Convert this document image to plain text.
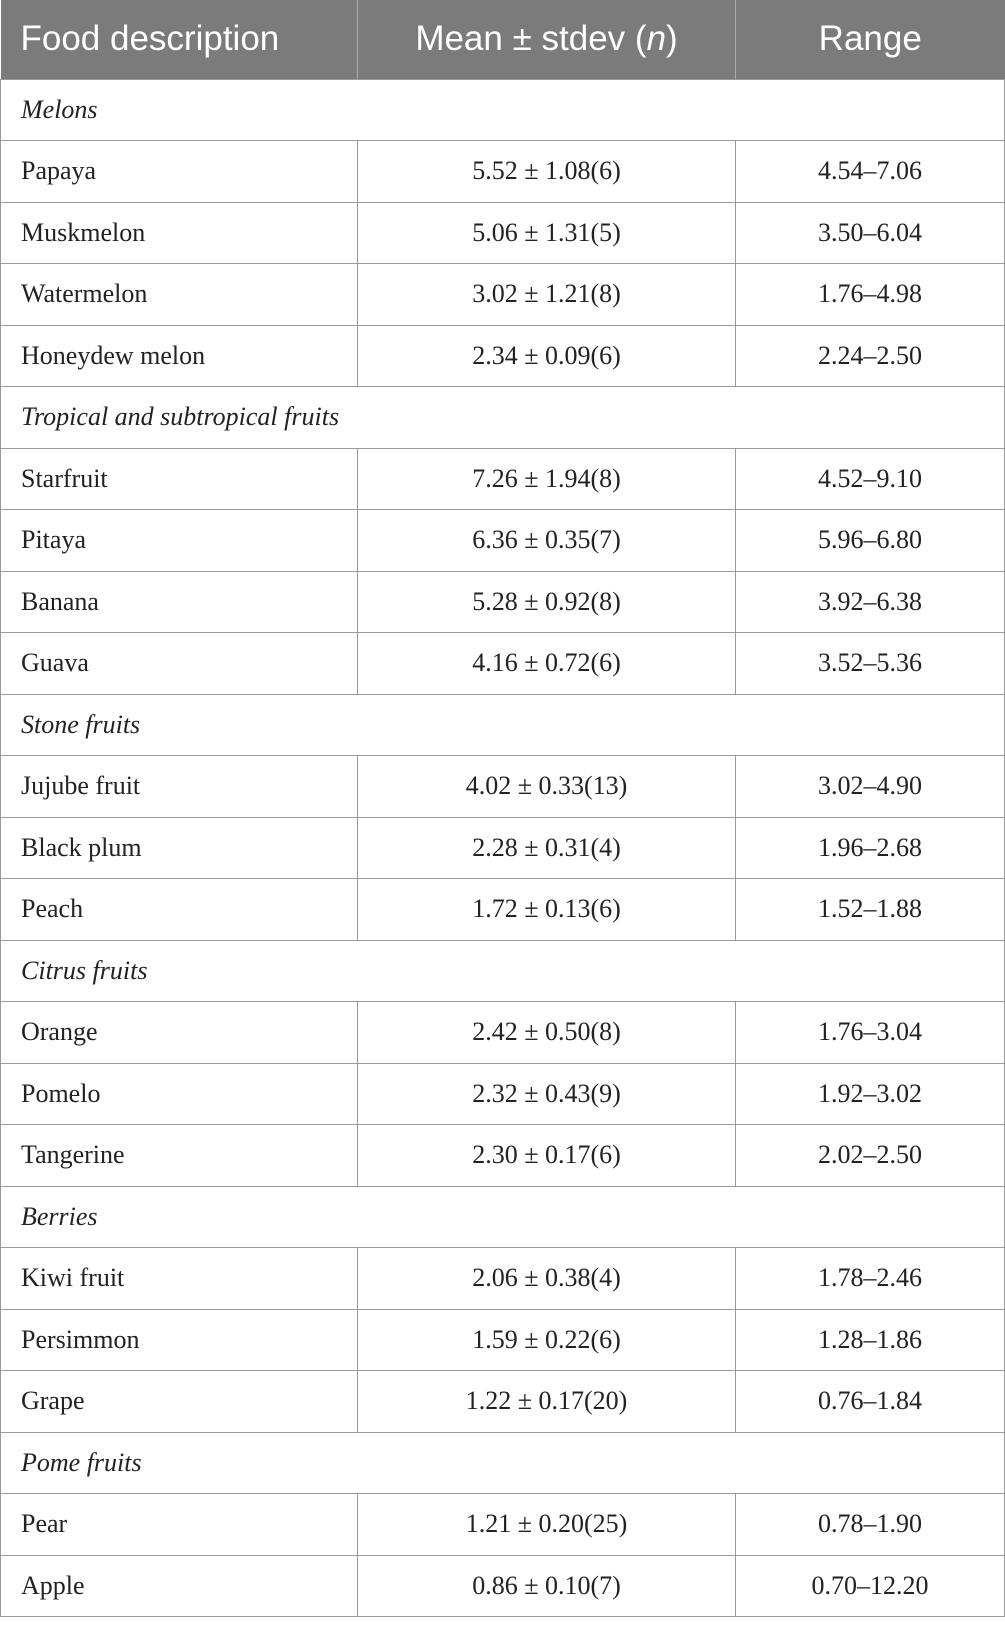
Food description	Mean ± stdev (n)	Range
Melons		
Papaya	5.52 ± 1.08(6)	4.54–7.06
Muskmelon	5.06 ± 1.31(5)	3.50–6.04
Watermelon	3.02 ± 1.21(8)	1.76–4.98
Honeydew melon	2.34 ± 0.09(6)	2.24–2.50
Tropical and subtropical fruits		
Starfruit	7.26 ± 1.94(8)	4.52–9.10
Pitaya	6.36 ± 0.35(7)	5.96–6.80
Banana	5.28 ± 0.92(8)	3.92–6.38
Guava	4.16 ± 0.72(6)	3.52–5.36
Stone fruits		
Jujube fruit	4.02 ± 0.33(13)	3.02–4.90
Black plum	2.28 ± 0.31(4)	1.96–2.68
Peach	1.72 ± 0.13(6)	1.52–1.88
Citrus fruits		
Orange	2.42 ± 0.50(8)	1.76–3.04
Pomelo	2.32 ± 0.43(9)	1.92–3.02
Tangerine	2.30 ± 0.17(6)	2.02–2.50
Berries		
Kiwi fruit	2.06 ± 0.38(4)	1.78–2.46
Persimmon	1.59 ± 0.22(6)	1.28–1.86
Grape	1.22 ± 0.17(20)	0.76–1.84
Pome fruits		
Pear	1.21 ± 0.20(25)	0.78–1.90
Apple	0.86 ± 0.10(7)	0.70–12.20
